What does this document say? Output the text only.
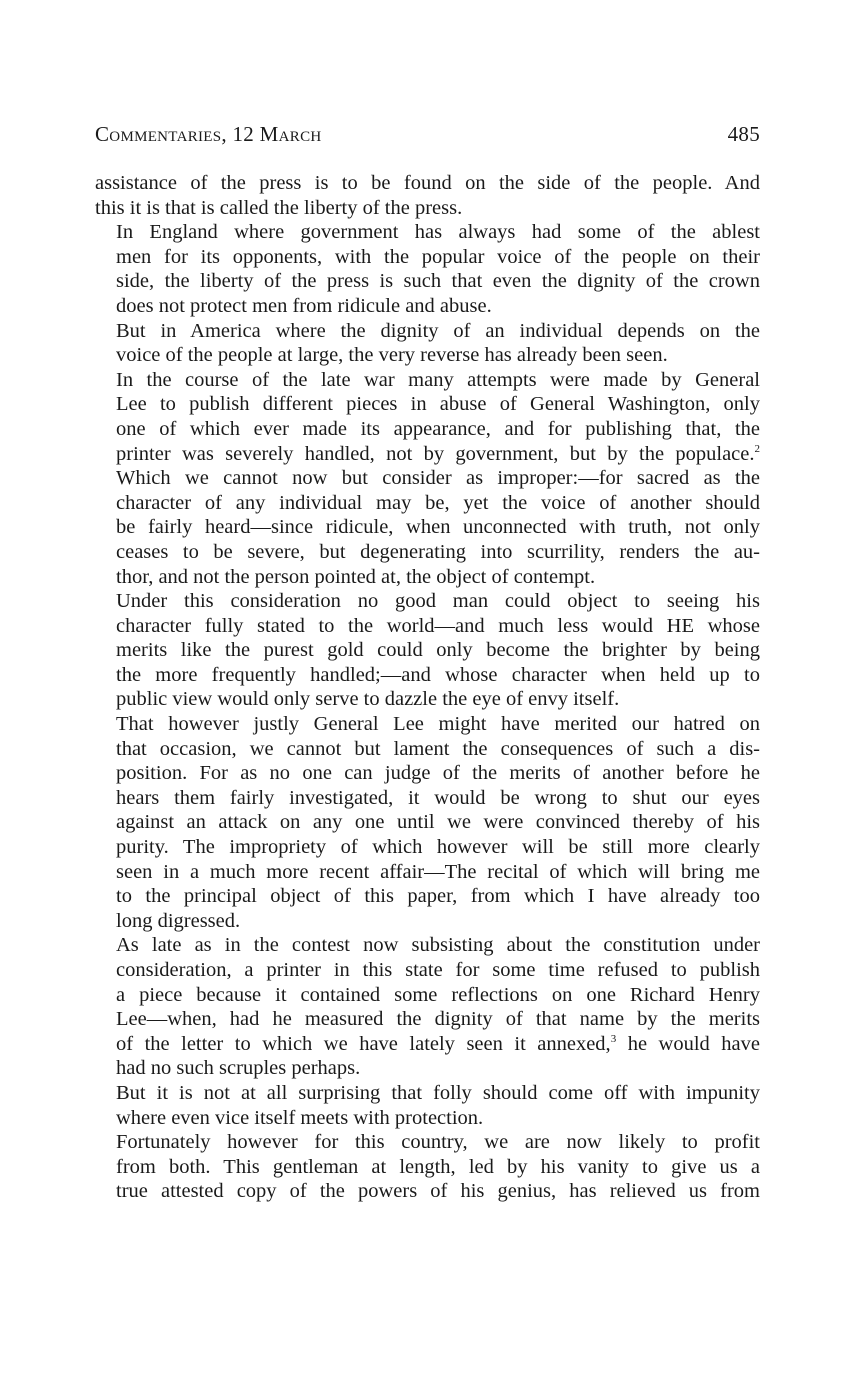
Commentaries, 12 March	485

assistance of the press is to be found on the side of the people. And
this it is that is called the liberty of the press.

In England where government has always had some of the ablest
men for its opponents, with the popular voice of the people on their
side, the liberty of the press is such that even the dignity of the crown
does not protect men from ridicule and abuse.

But in America where the dignity of an individual depends on the
voice of the people at large, the very reverse has already been seen.

In the course of the late war many attempts were made by General
Lee to publish different pieces in abuse of General Washington, only
one of which ever made its appearance, and for publishing that, the
printer was severely handled, not by government, but by the populace.$^2$
Which we cannot now but consider as improper:—for sacred as the
character of any individual may be, yet the voice of another should
be fairly heard—since ridicule, when unconnected with truth, not only
ceases to be severe, but degenerating into scurrility, renders the au-
thor, and not the person pointed at, the object of contempt.

Under this consideration no good man could object to seeing his
character fully stated to the world—and much less would HE whose
merits like the purest gold could only become the brighter by being
the more frequently handled;—and whose character when held up to
public view would only serve to dazzle the eye of envy itself.

That however justly General Lee might have merited our hatred on
that occasion, we cannot but lament the consequences of such a dis-
position. For as no one can judge of the merits of another before he
hears them fairly investigated, it would be wrong to shut our eyes
against an attack on any one until we were convinced thereby of his
purity. The impropriety of which however will be still more clearly
seen in a much more recent affair—The recital of which will bring me
to the principal object of this paper, from which I have already too
long digressed.

As late as in the contest now subsisting about the constitution under
consideration, a printer in this state for some time refused to publish
a piece because it contained some reflections on one Richard Henry
Lee—when, had he measured the dignity of that name by the merits
of the letter to which we have lately seen it annexed,$^3$ he would have
had no such scruples perhaps.

But it is not at all surprising that folly should come off with impunity
where even vice itself meets with protection.

Fortunately however for this country, we are now likely to profit
from both. This gentleman at length, led by his vanity to give us a
true attested copy of the powers of his genius, has relieved us from
